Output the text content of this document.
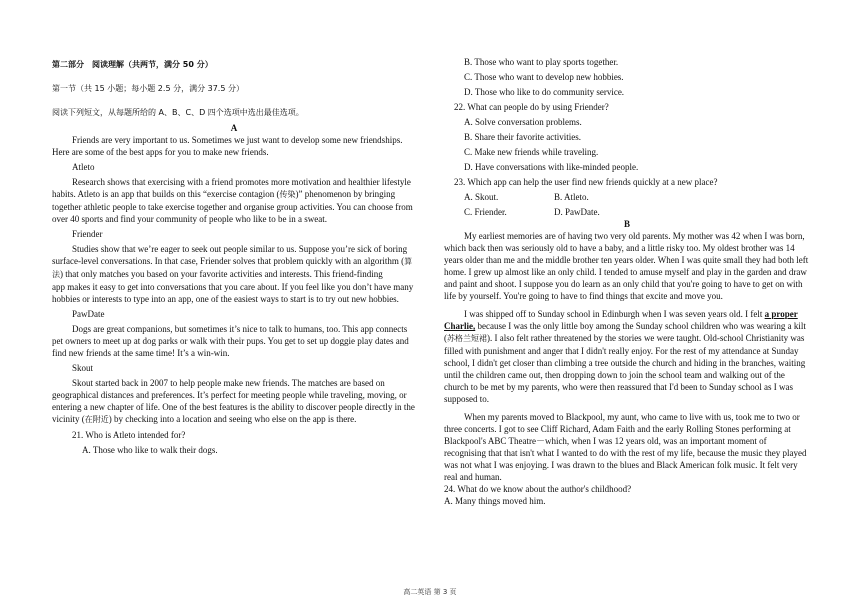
第二部分　阅读理解（共两节，满分 50 分）

第一节（共 15 小题；每小题 2.5 分，满分 37.5 分）

阅读下列短文，从每题所给的 A、B、C、D 四个选项中选出最佳选项。

A

Friends are very important to us. Sometimes we just want to develop some new friendships. Here are some of the best apps for you to make new friends.

Atleto

Research shows that exercising with a friend promotes more motivation and healthier lifestyle habits. Atleto is an app that builds on this “exercise contagion (传染)” phenomenon by bringing together athletic people to take exercise together and organise group activities. You can choose from over 40 sports and find your community of people who like to be in a sweat.

Friender

Studies show that we’re eager to seek out people similar to us. Suppose you’re sick of boring surface-level conversations. In that case, Friender solves that problem quickly with an algorithm (算法) that only matches you based on your favorite activities and interests. This friend-finding

app makes it easy to get into conversations that you care about. If you feel like you don’t have many hobbies or interests to type into an app, one of the easiest ways to start is to try out new hobbies.

PawDate

Dogs are great companions, but sometimes it’s nice to talk to humans, too. This app connects pet owners to meet up at dog parks or walk with their pups. You get to set up doggie play dates and find new friends at the same time! It’s a win-win.

Skout

Skout started back in 2007 to help people make new friends. The matches are based on geographical distances and preferences. It’s perfect for meeting people while traveling, moving, or entering a new chapter of life. One of the best features is the ability to discover people directly in the vicinity (在附近) by checking into a location and seeing who else on the app is there.

21. Who is Atleto intended for?

A. Those who like to walk their dogs.

B. Those who want to play sports together.

C. Those who want to develop new hobbies.

D. Those who like to do community service.

22. What can people do by using Friender?

A. Solve conversation problems.

B. Share their favorite activities.

C. Make new friends while traveling.

D. Have conversations with like-minded people.

23. Which app can help the user find new friends quickly at a new place?

A. Skout.	B. Atleto.

C. Friender.	D. PawDate.

B

My earliest memories are of having two very old parents. My mother was 42 when I was born, which back then was seriously old to have a baby, and a little risky too. My oldest brother was 14 years older than me and the middle brother ten years older. When I was quite small they had both left home. I grew up almost like an only child. I tended to amuse myself and play in the garden and draw and paint and shoot. I suppose you do learn as an only child that you're going to have to get on with life by yourself. You're going to have to find things that excite and move you.

I was shipped off to Sunday school in Edinburgh when I was seven years old. I felt a proper Charlie, because I was the only little boy among the Sunday school children who was wearing a kilt (苏格兰短裙). I also felt rather threatened by the stories we were taught. Old-school Christianity was filled with punishment and anger that I didn't really enjoy. For the rest of my attendance at Sunday school, I didn't get closer than climbing a tree outside the church and hiding in the branches, waiting until the children came out, then dropping down to join the school team and walking out of the church to be met by my parents, who were then reassured that I'd been to Sunday school as I was supposed to.

When my parents moved to Blackpool, my aunt, who came to live with us, took me to two or three concerts. I got to see Cliff Richard, Adam Faith and the early Rolling Stones performing at Blackpool's ABC Theatre－which, when I was 12 years old, was an important moment of recognising that that isn't what I wanted to do with the rest of my life, because the music they played was not what I was enjoying. I was drawn to the blues and Black American folk music. It felt very real and human.

24. What do we know about the author's childhood?

A. Many things moved him.

高二英语 第 3 页
